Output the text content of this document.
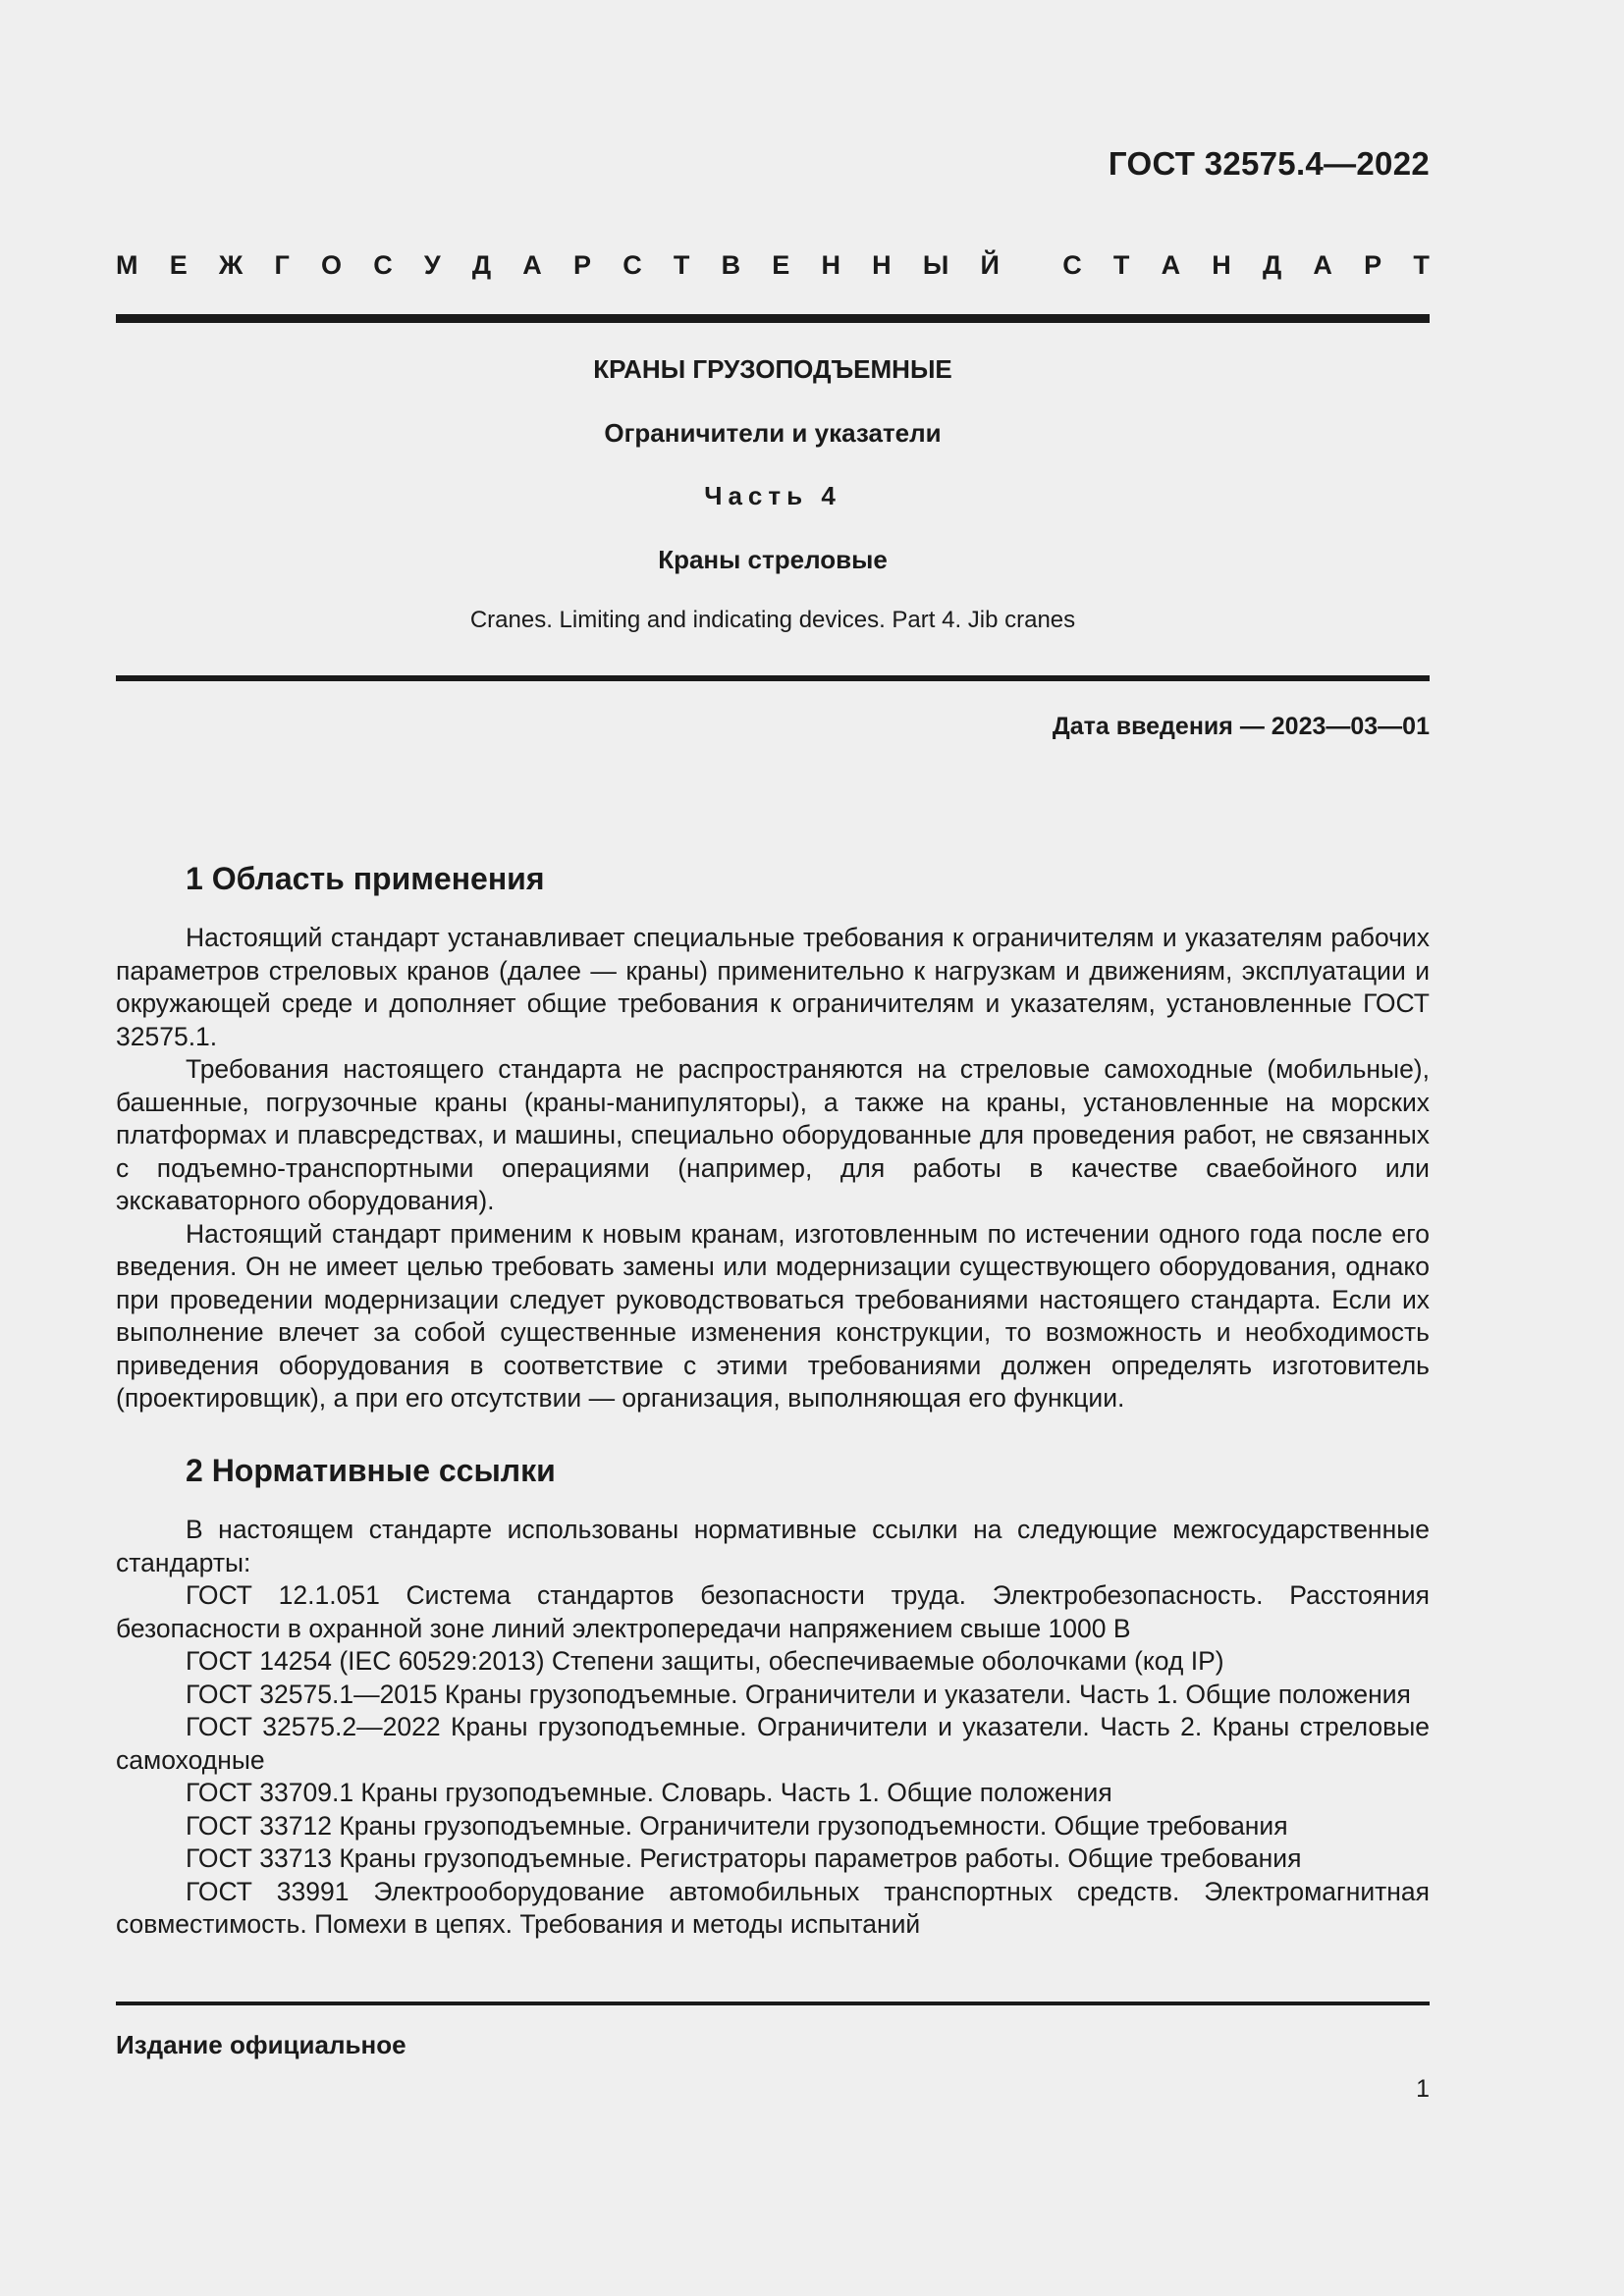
ГОСТ 32575.4—2022
М Е Ж Г О С У Д А Р С Т В Е Н Н Ы Й С Т А Н Д А Р Т
КРАНЫ ГРУЗОПОДЪЕМНЫЕ
Ограничители и указатели
Часть 4
Краны стреловые
Cranes. Limiting and indicating devices. Part 4. Jib cranes
Дата введения — 2023—03—01
1 Область применения

Настоящий стандарт устанавливает специальные требования к ограничителям и указателям рабочих параметров стреловых кранов (далее — краны) применительно к нагрузкам и движениям, эксплуатации и окружающей среде и дополняет общие требования к ограничителям и указателям, установленные ГОСТ 32575.1.

Требования настоящего стандарта не распространяются на стреловые самоходные (мобильные), башенные, погрузочные краны (краны-манипуляторы), а также на краны, установленные на морских платформах и плавсредствах, и машины, специально оборудованные для проведения работ, не связанных с подъемно-транспортными операциями (например, для работы в качестве сваебойного или экскаваторного оборудования).

Настоящий стандарт применим к новым кранам, изготовленным по истечении одного года после его введения. Он не имеет целью требовать замены или модернизации существующего оборудования, однако при проведении модернизации следует руководствоваться требованиями настоящего стандарта. Если их выполнение влечет за собой существенные изменения конструкции, то возможность и необходимость приведения оборудования в соответствие с этими требованиями должен определять изготовитель (проектировщик), а при его отсутствии — организация, выполняющая его функции.

2 Нормативные ссылки

В настоящем стандарте использованы нормативные ссылки на следующие межгосударственные стандарты:

ГОСТ 12.1.051 Система стандартов безопасности труда. Электробезопасность. Расстояния безопасности в охранной зоне линий электропередачи напряжением свыше 1000 В

ГОСТ 14254 (IEC 60529:2013) Степени защиты, обеспечиваемые оболочками (код IP)

ГОСТ 32575.1—2015 Краны грузоподъемные. Ограничители и указатели. Часть 1. Общие положения

ГОСТ 32575.2—2022 Краны грузоподъемные. Ограничители и указатели. Часть 2. Краны стреловые самоходные

ГОСТ 33709.1 Краны грузоподъемные. Словарь. Часть 1. Общие положения

ГОСТ 33712 Краны грузоподъемные. Ограничители грузоподъемности. Общие требования

ГОСТ 33713 Краны грузоподъемные. Регистраторы параметров работы. Общие требования

ГОСТ 33991 Электрооборудование автомобильных транспортных средств. Электромагнитная совместимость. Помехи в цепях. Требования и методы испытаний

Издание официальное
1
